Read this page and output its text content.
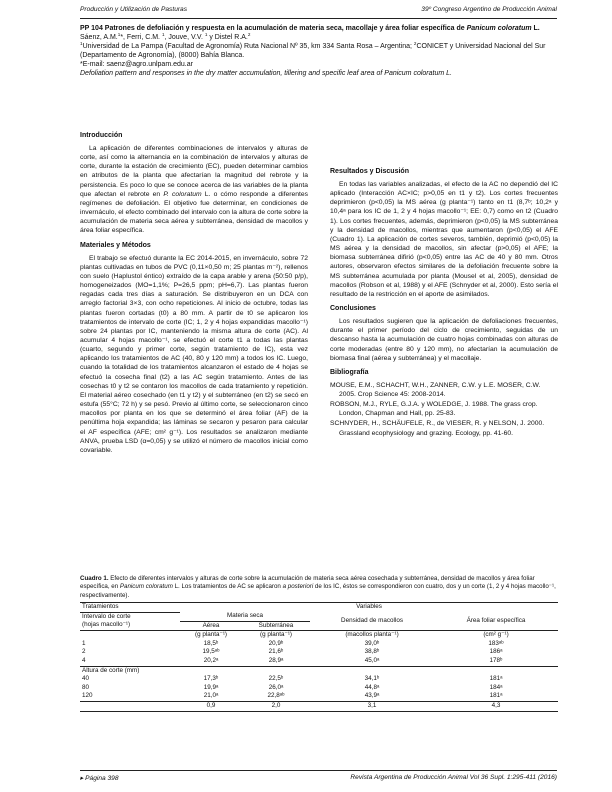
Producción y Utilización de Pasturas	39º Congreso Argentino de Producción Animal

PP 104 Patrones de defoliación y respuesta en la acumulación de materia seca, macollaje y área foliar específica de Panicum coloratum L.

Sáenz, A.M.$^1$*, Ferri, C.M. $^1$, Jouve, V.V. $^1$ y Distel R.A.$^2$

$^1$Universidad de La Pampa (Facultad de Agronomía) Ruta Nacional Nº 35, km 334 Santa Rosa – Argentina; $^2$CONICET y Universidad Nacional del Sur (Departamento de Agronomía), (8000) Bahía Blanca.

*E-mail: saenz@agro.unlpam.edu.ar

Defoliation pattern and responses in the dry matter accumulation, tillering and specific leaf area of Panicum coloratum L.

Introducción

La aplicación de diferentes combinaciones de intervalos y alturas de corte, así como la alternancia en la combinación de intervalos y alturas de corte, durante la estación de crecimiento (EC), pueden determinar cambios en atributos de la planta que afectarían la magnitud del rebrote y la persistencia. Es poco lo que se conoce acerca de las variables de la planta que afectan el rebrote en P. coloratum L. o cómo responde a diferentes regímenes de defoliación. El objetivo fue determinar, en condiciones de invernáculo, el efecto combinado del intervalo con la altura de corte sobre la acumulación de materia seca aérea y subterránea, densidad de macollos y área foliar específica.

Materiales y Métodos

El trabajo se efectuó durante la EC 2014-2015, en invernáculo, sobre 72 plantas cultivadas en tubos de PVC (0,11×0,50 m; 25 plantas m⁻²), rellenos con suelo (Haplustol éntico) extraído de la capa arable y arena (50:50 p/p), homogeneizados (MO=1,1%; P=26,5 ppm; pH=6,7). Las plantas fueron regadas cada tres días a saturación. Se distribuyeron en un DCA con arreglo factorial 3×3, con ocho repeticiones. Al inicio de octubre, todas las plantas fueron cortadas (t0) a 80 mm. A partir de t0 se aplicaron los tratamientos de intervalo de corte (IC; 1, 2 y 4 hojas expandidas macollo⁻¹) sobre 24 plantas por IC, manteniendo la misma altura de corte (AC). Al acumular 4 hojas macollo⁻¹, se efectuó el corte t1 a todas las plantas (cuarto, segundo y primer corte, según tratamiento de IC), esta vez aplicando los tratamientos de AC (40, 80 y 120 mm) a todos los IC. Luego, cuando la totalidad de los tratamientos alcanzaron el estado de 4 hojas se efectuó la cosecha final (t2) a las AC según tratamiento. Antes de las cosechas t0 y t2 se contaron los macollos de cada tratamiento y repetición. El material aéreo cosechado (en t1 y t2) y el subterráneo (en t2) se secó en estufa (55°C; 72 h) y se pesó. Previo al último corte, se seleccionaron cinco macollos por planta en los que se determinó el área foliar (AF) de la penúltima hoja expandida; las láminas se secaron y pesaron para calcular el AF específica (AFE; cm² g⁻¹). Los resultados se analizaron mediante ANVA, prueba LSD (α=0,05) y se utilizó el número de macollos inicial como covariable.

Resultados y Discusión

En todas las variables analizadas, el efecto de la AC no dependió del IC aplicado (Interacción AC×IC; p>0,05 en t1 y t2). Los cortes frecuentes deprimieron (p<0,05) la MS aérea (g planta⁻¹) tanto en t1 (8,7ᵇ; 10,2ᵃ y 10,4ᵃ para los IC de 1, 2 y 4 hojas macollo⁻¹; EE: 0,7) como en t2 (Cuadro 1). Los cortes frecuentes, además, deprimieron (p<0,05) la MS subterránea y la densidad de macollos, mientras que aumentaron (p<0,05) el AFE (Cuadro 1). La aplicación de cortes severos, también, deprimió (p<0,05) la MS aérea y la densidad de macollos, sin afectar (p>0,05) el AFE; la biomasa subterránea difirió (p<0,05) entre las AC de 40 y 80 mm. Otros autores, observaron efectos similares de la defoliación frecuente sobre la MS subterránea acumulada por planta (Mousel et al, 2005), densidad de macollos (Robson et al, 1988) y el AFE (Schnyder et al, 2000). Esto sería el resultado de la restricción en el aporte de asimilados.

Conclusiones

Los resultados sugieren que la aplicación de defoliaciones frecuentes, durante el primer período del ciclo de crecimiento, seguidas de un descanso hasta la acumulación de cuatro hojas combinadas con alturas de corte moderadas (entre 80 y 120 mm), no afectarían la acumulación de biomasa final (aérea y subterránea) y el macollaje.

Bibliografía

MOUSE, E.M., SCHACHT, W.H., ZANNER, C.W. y L.E. MOSER, C.W. 2005. Crop Science 45: 2008-2014.

ROBSON, M.J., RYLE, G.J.A. y WOLEDGE, J. 1988. The grass crop. London, Chapman and Hall, pp. 25-83.

SCHNYDER, H., SCHÄUFELE, R., de VIESER, R. y NELSON, J. 2000. Grassland ecophysiology and grazing. Ecology, pp. 41-60.

Cuadro 1. Efecto de diferentes intervalos y alturas de corte sobre la acumulación de materia seca aérea cosechada y subterránea, densidad de macollos y área foliar específica, en Panicum coloratum L. Los tratamientos de AC se aplicaron a posteriori de los IC, éstos se correspondieron con cuatro, dos y un corte (1, 2 y 4 hojas macollo⁻¹, respectivamente).
Tratamientos	Variables			
Intervalo de corte	Materia seca		Densidad de macollos	Área foliar específica
(hojas macollo⁻¹)	Aérea	Subterránea		
	(g planta⁻¹)	(g planta⁻¹)	(macollos planta⁻¹)	(cm² g⁻¹)
1	18,5ᵇ	20,9ᵇ	39,0ᵇ	183ᵃᵇ
2	19,5ᵃᵇ	21,6ᵇ	38,8ᵇ	186ᵃ
4	20,2ᵃ	28,9ᵃ	45,0ᵃ	178ᵇ
Altura de corte (mm)				
40	17,3ᵇ	22,5ᵇ	34,1ᵇ	181ᵃ
80	19,9ᵃ	26,0ᵃ	44,8ᵃ	184ᵃ
120	21,0ᵃ	22,8ᵃᵇ	43,9ᵃ	181ᵃ
	0,9	2,0	3,1	4,3
▸ Página 398	Revista Argentina de Producción Animal Vol 36 Supl. 1:295-411 (2016)
